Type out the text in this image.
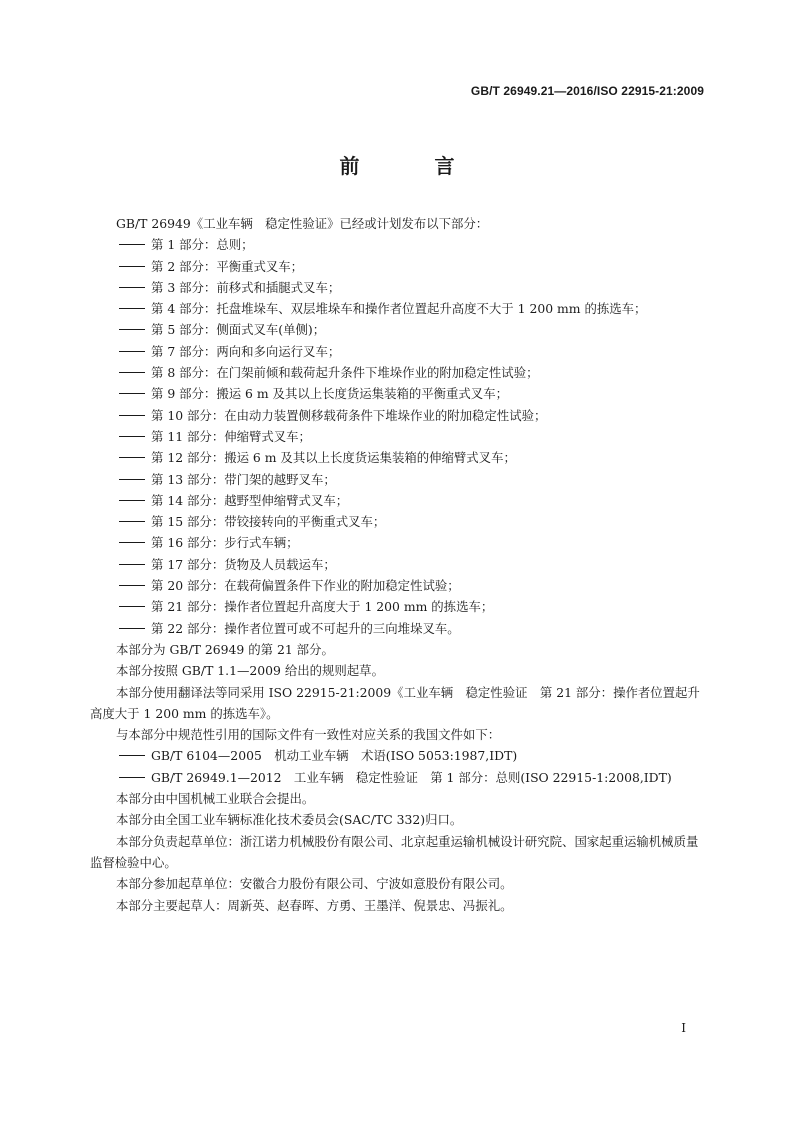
GB/T 26949.21—2016/ISO 22915-21:2009
前 言

GB/T 26949《工业车辆　稳定性验证》已经或计划发布以下部分：

第 1 部分：总则；

第 2 部分：平衡重式叉车；

第 3 部分：前移式和插腿式叉车；

第 4 部分：托盘堆垛车、双层堆垛车和操作者位置起升高度不大于 1 200 mm 的拣选车；

第 5 部分：侧面式叉车(单侧)；

第 7 部分：两向和多向运行叉车；

第 8 部分：在门架前倾和载荷起升条件下堆垛作业的附加稳定性试验；

第 9 部分：搬运 6 m 及其以上长度货运集装箱的平衡重式叉车；

第 10 部分：在由动力装置侧移载荷条件下堆垛作业的附加稳定性试验；

第 11 部分：伸缩臂式叉车；

第 12 部分：搬运 6 m 及其以上长度货运集装箱的伸缩臂式叉车；

第 13 部分：带门架的越野叉车；

第 14 部分：越野型伸缩臂式叉车；

第 15 部分：带铰接转向的平衡重式叉车；

第 16 部分：步行式车辆；

第 17 部分：货物及人员载运车；

第 20 部分：在载荷偏置条件下作业的附加稳定性试验；

第 21 部分：操作者位置起升高度大于 1 200 mm 的拣选车；

第 22 部分：操作者位置可或不可起升的三向堆垛叉车。

本部分为 GB/T 26949 的第 21 部分。

本部分按照 GB/T 1.1—2009 给出的规则起草。

本部分使用翻译法等同采用 ISO 22915-21:2009《工业车辆　稳定性验证　第 21 部分：操作者位置起升高度大于 1 200 mm 的拣选车》。

与本部分中规范性引用的国际文件有一致性对应关系的我国文件如下：

GB/T 6104—2005　机动工业车辆　术语(ISO 5053:1987,IDT)

GB/T 26949.1—2012　工业车辆　稳定性验证　第 1 部分：总则(ISO 22915-1:2008,IDT)

本部分由中国机械工业联合会提出。

本部分由全国工业车辆标准化技术委员会(SAC/TC 332)归口。

本部分负责起草单位：浙江诺力机械股份有限公司、北京起重运输机械设计研究院、国家起重运输机械质量监督检验中心。

本部分参加起草单位：安徽合力股份有限公司、宁波如意股份有限公司。

本部分主要起草人：周新英、赵春晖、方勇、王墨洋、倪景忠、冯振礼。

I
